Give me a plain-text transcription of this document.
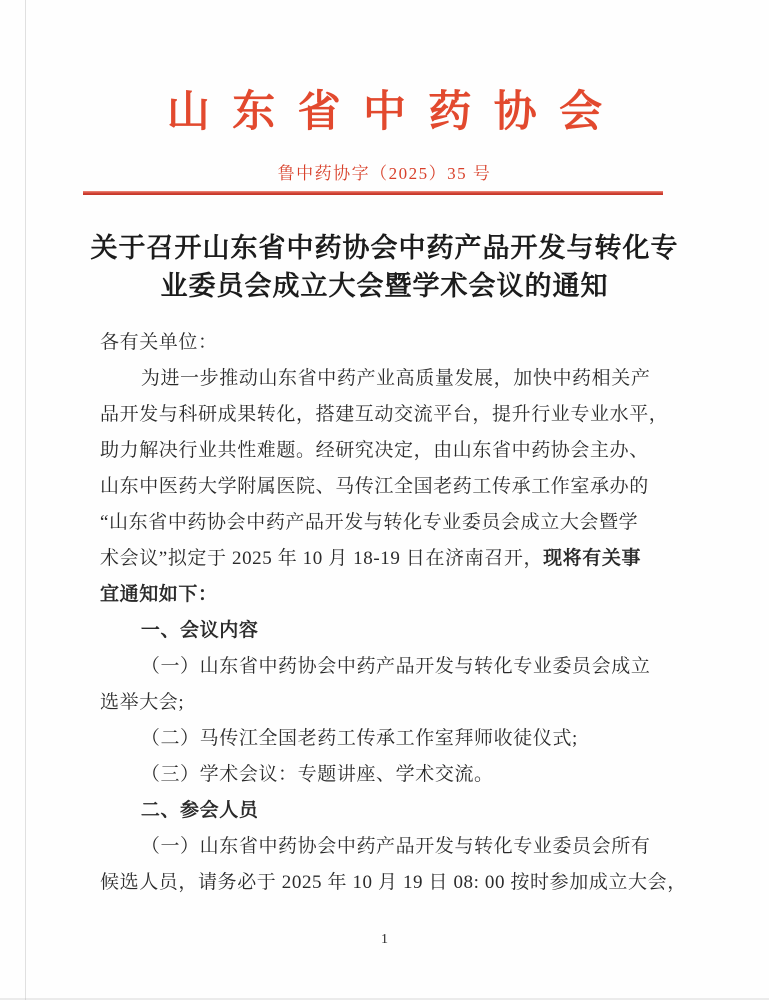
山东省中药协会
鲁中药协字（2025）35 号
关于召开山东省中药协会中药产品开发与转化专
业委员会成立大会暨学术会议的通知
各有关单位：
为进一步推动山东省中药产业高质量发展，加快中药相关产
品开发与科研成果转化，搭建互动交流平台，提升行业专业水平，
助力解决行业共性难题。经研究决定，由山东省中药协会主办、
山东中医药大学附属医院、马传江全国老药工传承工作室承办的
“山东省中药协会中药产品开发与转化专业委员会成立大会暨学
术会议”拟定于 2025 年 10 月 18-19 日在济南召开，现将有关事
宜通知如下：
一、会议内容
（一）山东省中药协会中药产品开发与转化专业委员会成立
选举大会;
（二）马传江全国老药工传承工作室拜师收徒仪式;
（三）学术会议：专题讲座、学术交流。
二、参会人员
（一）山东省中药协会中药产品开发与转化专业委员会所有
候选人员，请务必于 2025 年 10 月 19 日 08: 00 按时参加成立大会，
1
